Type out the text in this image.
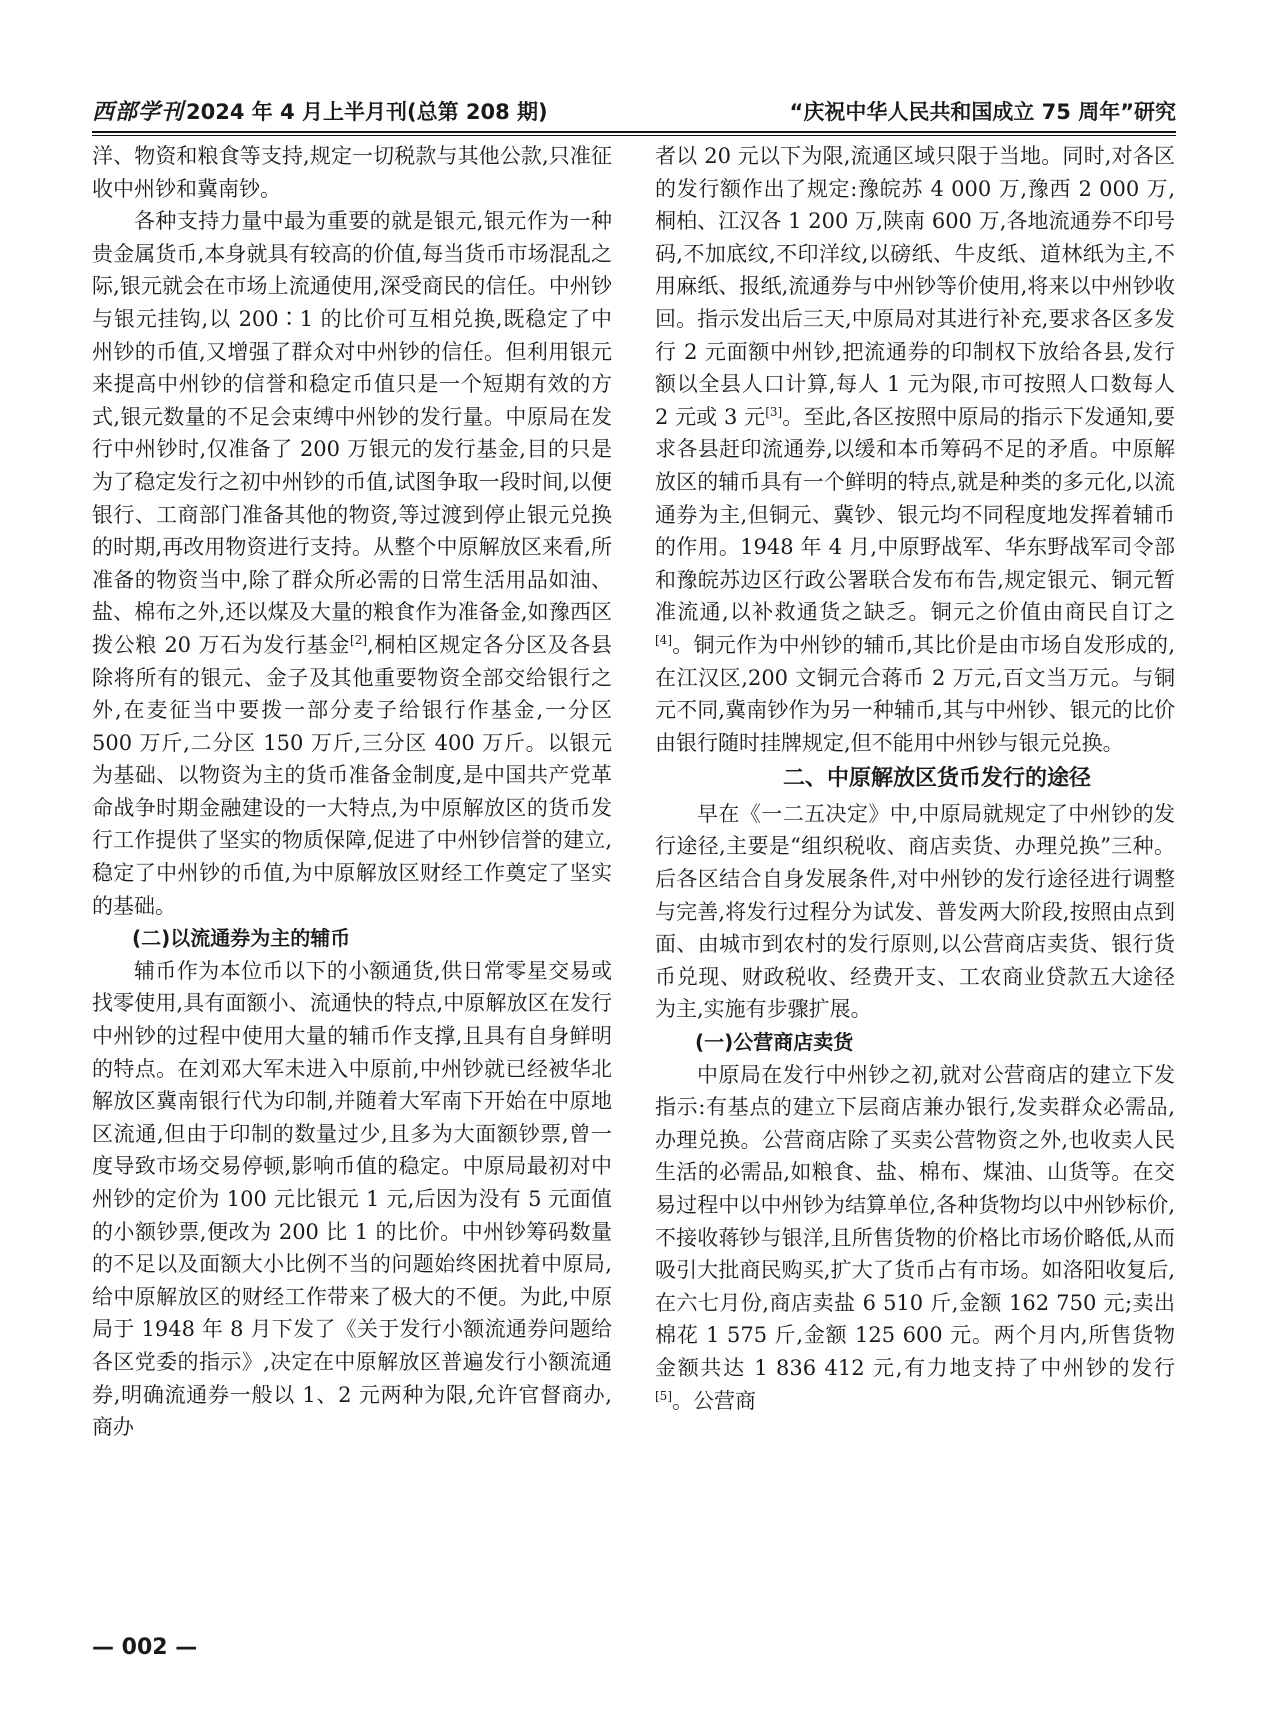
西部学刊 2024 年 4 月上半月刊(总第 208 期)	“庆祝中华人民共和国成立 75 周年”研究

洋、物资和粮食等支持,规定一切税款与其他公款,只准征收中州钞和冀南钞。

各种支持力量中最为重要的就是银元,银元作为一种贵金属货币,本身就具有较高的价值,每当货币市场混乱之际,银元就会在市场上流通使用,深受商民的信任。中州钞与银元挂钩,以 200∶1 的比价可互相兑换,既稳定了中州钞的币值,又增强了群众对中州钞的信任。但利用银元来提高中州钞的信誉和稳定币值只是一个短期有效的方式,银元数量的不足会束缚中州钞的发行量。中原局在发行中州钞时,仅准备了 200 万银元的发行基金,目的只是为了稳定发行之初中州钞的币值,试图争取一段时间,以便银行、工商部门准备其他的物资,等过渡到停止银元兑换的时期,再改用物资进行支持。从整个中原解放区来看,所准备的物资当中,除了群众所必需的日常生活用品如油、盐、棉布之外,还以煤及大量的粮食作为准备金,如豫西区拨公粮 20 万石为发行基金[2],桐柏区规定各分区及各县除将所有的银元、金子及其他重要物资全部交给银行之外,在麦征当中要拨一部分麦子给银行作基金,一分区 500 万斤,二分区 150 万斤,三分区 400 万斤。以银元为基础、以物资为主的货币准备金制度,是中国共产党革命战争时期金融建设的一大特点,为中原解放区的货币发行工作提供了坚实的物质保障,促进了中州钞信誉的建立,稳定了中州钞的币值,为中原解放区财经工作奠定了坚实的基础。

(二)以流通券为主的辅币

辅币作为本位币以下的小额通货,供日常零星交易或找零使用,具有面额小、流通快的特点,中原解放区在发行中州钞的过程中使用大量的辅币作支撑,且具有自身鲜明的特点。在刘邓大军未进入中原前,中州钞就已经被华北解放区冀南银行代为印制,并随着大军南下开始在中原地区流通,但由于印制的数量过少,且多为大面额钞票,曾一度导致市场交易停顿,影响币值的稳定。中原局最初对中州钞的定价为 100 元比银元 1 元,后因为没有 5 元面值的小额钞票,便改为 200 比 1 的比价。中州钞筹码数量的不足以及面额大小比例不当的问题始终困扰着中原局,给中原解放区的财经工作带来了极大的不便。为此,中原局于 1948 年 8 月下发了《关于发行小额流通券问题给各区党委的指示》,决定在中原解放区普遍发行小额流通券,明确流通券一般以 1、2 元两种为限,允许官督商办,商办

者以 20 元以下为限,流通区域只限于当地。同时,对各区的发行额作出了规定:豫皖苏 4 000 万,豫西 2 000 万,桐柏、江汉各 1 200 万,陕南 600 万,各地流通券不印号码,不加底纹,不印洋纹,以磅纸、牛皮纸、道林纸为主,不用麻纸、报纸,流通券与中州钞等价使用,将来以中州钞收回。指示发出后三天,中原局对其进行补充,要求各区多发行 2 元面额中州钞,把流通券的印制权下放给各县,发行额以全县人口计算,每人 1 元为限,市可按照人口数每人 2 元或 3 元[3]。至此,各区按照中原局的指示下发通知,要求各县赶印流通券,以缓和本币筹码不足的矛盾。中原解放区的辅币具有一个鲜明的特点,就是种类的多元化,以流通券为主,但铜元、冀钞、银元均不同程度地发挥着辅币的作用。1948 年 4 月,中原野战军、华东野战军司令部和豫皖苏边区行政公署联合发布布告,规定银元、铜元暂准流通,以补救通货之缺乏。铜元之价值由商民自订之[4]。铜元作为中州钞的辅币,其比价是由市场自发形成的,在江汉区,200 文铜元合蒋币 2 万元,百文当万元。与铜元不同,冀南钞作为另一种辅币,其与中州钞、银元的比价由银行随时挂牌规定,但不能用中州钞与银元兑换。

二、中原解放区货币发行的途径

早在《一二五决定》中,中原局就规定了中州钞的发行途径,主要是“组织税收、商店卖货、办理兑换”三种。后各区结合自身发展条件,对中州钞的发行途径进行调整与完善,将发行过程分为试发、普发两大阶段,按照由点到面、由城市到农村的发行原则,以公营商店卖货、银行货币兑现、财政税收、经费开支、工农商业贷款五大途径为主,实施有步骤扩展。

(一)公营商店卖货

中原局在发行中州钞之初,就对公营商店的建立下发指示:有基点的建立下层商店兼办银行,发卖群众必需品,办理兑换。公营商店除了买卖公营物资之外,也收卖人民生活的必需品,如粮食、盐、棉布、煤油、山货等。在交易过程中以中州钞为结算单位,各种货物均以中州钞标价,不接收蒋钞与银洋,且所售货物的价格比市场价略低,从而吸引大批商民购买,扩大了货币占有市场。如洛阳收复后,在六七月份,商店卖盐 6 510 斤,金额 162 750 元;卖出棉花 1 575 斤,金额 125 600 元。两个月内,所售货物金额共达 1 836 412 元,有力地支持了中州钞的发行[5]。公营商

— 002 —
